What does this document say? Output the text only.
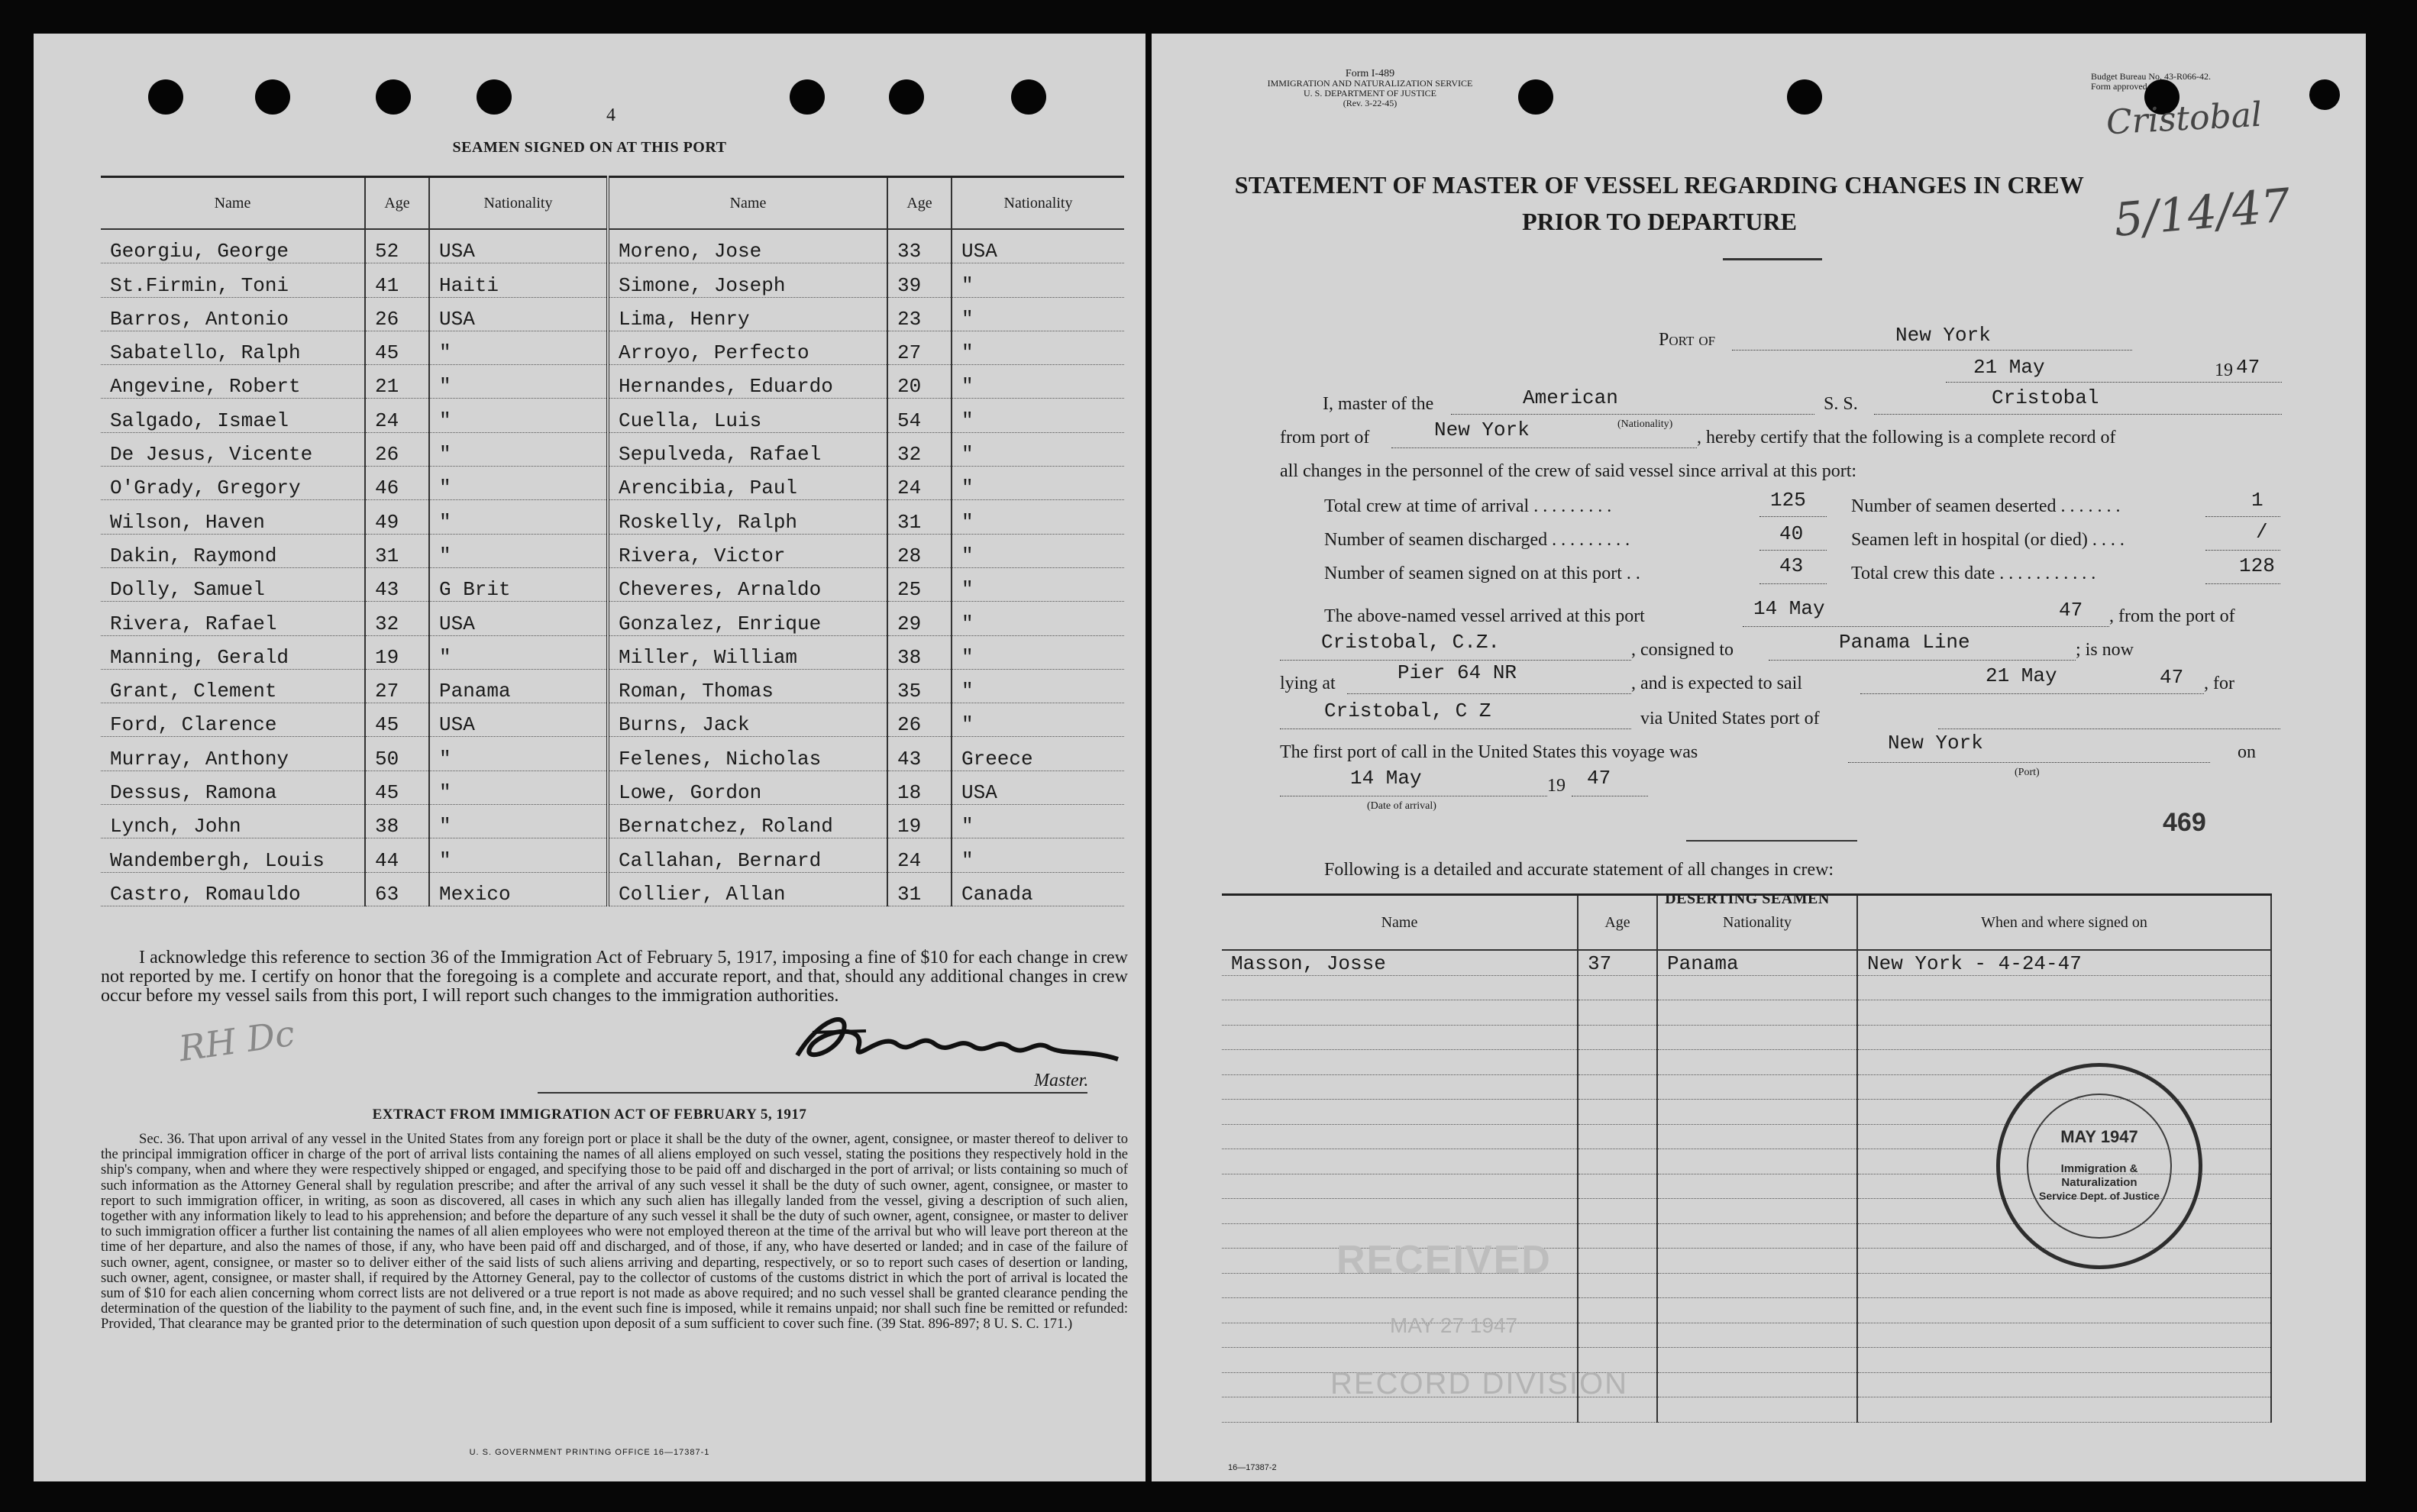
4
SEAMEN SIGNED ON AT THIS PORT
Name	Age	Nationality	Name	Age	Nationality
Georgiu, George	52	USA	Moreno, Jose	33	USA
St.Firmin, Toni	41	Haiti	Simone, Joseph	39	"
Barros, Antonio	26	USA	Lima, Henry	23	"
Sabatello, Ralph	45	"	Arroyo, Perfecto	27	"
Angevine, Robert	21	"	Hernandes, Eduardo	20	"
Salgado, Ismael	24	"	Cuella, Luis	54	"
De Jesus, Vicente	26	"	Sepulveda, Rafael	32	"
O'Grady, Gregory	46	"	Arencibia, Paul	24	"
Wilson, Haven	49	"	Roskelly, Ralph	31	"
Dakin, Raymond	31	"	Rivera, Victor	28	"
Dolly, Samuel	43	G Brit	Cheveres, Arnaldo	25	"
Rivera, Rafael	32	USA	Gonzalez, Enrique	29	"
Manning, Gerald	19	"	Miller, William	38	"
Grant, Clement	27	Panama	Roman, Thomas	35	"
Ford, Clarence	45	USA	Burns, Jack	26	"
Murray, Anthony	50	"	Felenes, Nicholas	43	Greece
Dessus, Ramona	45	"	Lowe, Gordon	18	USA
Lynch, John	38	"	Bernatchez, Roland	19	"
Wandembergh, Louis	44	"	Callahan, Bernard	24	"
Castro, Romauldo	63	Mexico	Collier, Allan	31	Canada
I acknowledge this reference to section 36 of the Immigration Act of February 5, 1917, imposing a fine of $10 for each change in crew not reported by me. I certify on honor that the foregoing is a complete and accurate report, and that, should any additional changes in crew occur before my vessel sails from this port, I will report such changes to the immigration authorities.
RH Dc
Master.
EXTRACT FROM IMMIGRATION ACT OF FEBRUARY 5, 1917
Sec. 36. That upon arrival of any vessel in the United States from any foreign port or place it shall be the duty of the owner, agent, consignee, or master thereof to deliver to the principal immigration officer in charge of the port of arrival lists containing the names of all aliens employed on such vessel, stating the positions they respectively hold in the ship's company, when and where they were respectively shipped or engaged, and specifying those to be paid off and discharged in the port of arrival; or lists containing so much of such information as the Attorney General shall by regulation prescribe; and after the arrival of any such vessel it shall be the duty of such owner, agent, consignee, or master to report to such immigration officer, in writing, as soon as discovered, all cases in which any such alien has illegally landed from the vessel, giving a description of such alien, together with any information likely to lead to his apprehension; and before the departure of any such vessel it shall be the duty of such owner, agent, consignee, or master to deliver to such immigration officer a further list containing the names of all alien employees who were not employed thereon at the time of the arrival but who will leave port thereon at the time of her departure, and also the names of those, if any, who have been paid off and discharged, and of those, if any, who have deserted or landed; and in case of the failure of such owner, agent, consignee, or master so to deliver either of the said lists of such aliens arriving and departing, respectively, or so to report such cases of desertion or landing, such owner, agent, consignee, or master shall, if required by the Attorney General, pay to the collector of customs of the customs district in which the port of arrival is located the sum of $10 for each alien concerning whom correct lists are not delivered or a true report is not made as above required; and no such vessel shall be granted clearance pending the determination of the question of the liability to the payment of such fine, and, in the event such fine is imposed, while it remains unpaid; nor shall such fine be remitted or refunded: Provided, That clearance may be granted prior to the determination of such question upon deposit of a sum sufficient to cover such fine. (39 Stat. 896-897; 8 U. S. C. 171.)
U. S. GOVERNMENT PRINTING OFFICE 16—17387-1
Form I-489
IMMIGRATION AND NATURALIZATION SERVICE
U. S. DEPARTMENT OF JUSTICE
(Rev. 3-22-45)
Budget Bureau No. 43-R066-42.
Form approved.
Cristobal
5/14/47
STATEMENT OF MASTER OF VESSEL REGARDING CHANGES IN CREW
PRIOR TO DEPARTURE
Port of	New York
21 May	19 47
I, master of the	American
(Nationality)
S. S.	Cristobal
from port of	New York	, hereby certify that the following is a complete record of
all changes in the personnel of the crew of said vessel since arrival at this port:
Total crew at time of arrival . . . . . . . . .	125
Number of seamen discharged . . . . . . . . .	40
Number of seamen signed on at this port . .	43
Number of seamen deserted . . . . . . .	1
Seamen left in hospital (or died) . . . .	/
Total crew this date . . . . . . . . . . .	128
The above-named vessel arrived at this port	14 May	47 , from the port of
Cristobal, C.Z.	, consigned to	Panama Line	; is now
lying at	Pier 64 NR	, and is expected to sail	21 May	47 , for
Cristobal, C Z	via United States port of
The first port of call in the United States this voyage was	New York
(Port)
on
14 May
(Date of arrival)
19 47
469
Following is a detailed and accurate statement of all changes in crew:
DESERTING SEAMEN
Name	Age	Nationality	When and where signed on
Masson, Josse	37	Panama	New York - 4-24-47

RECEIVED
MAY 27 1947
RECORD DIVISION
MAY 1947
Immigration &
Naturalization
Service Dept. of Justice
16—17387-2
